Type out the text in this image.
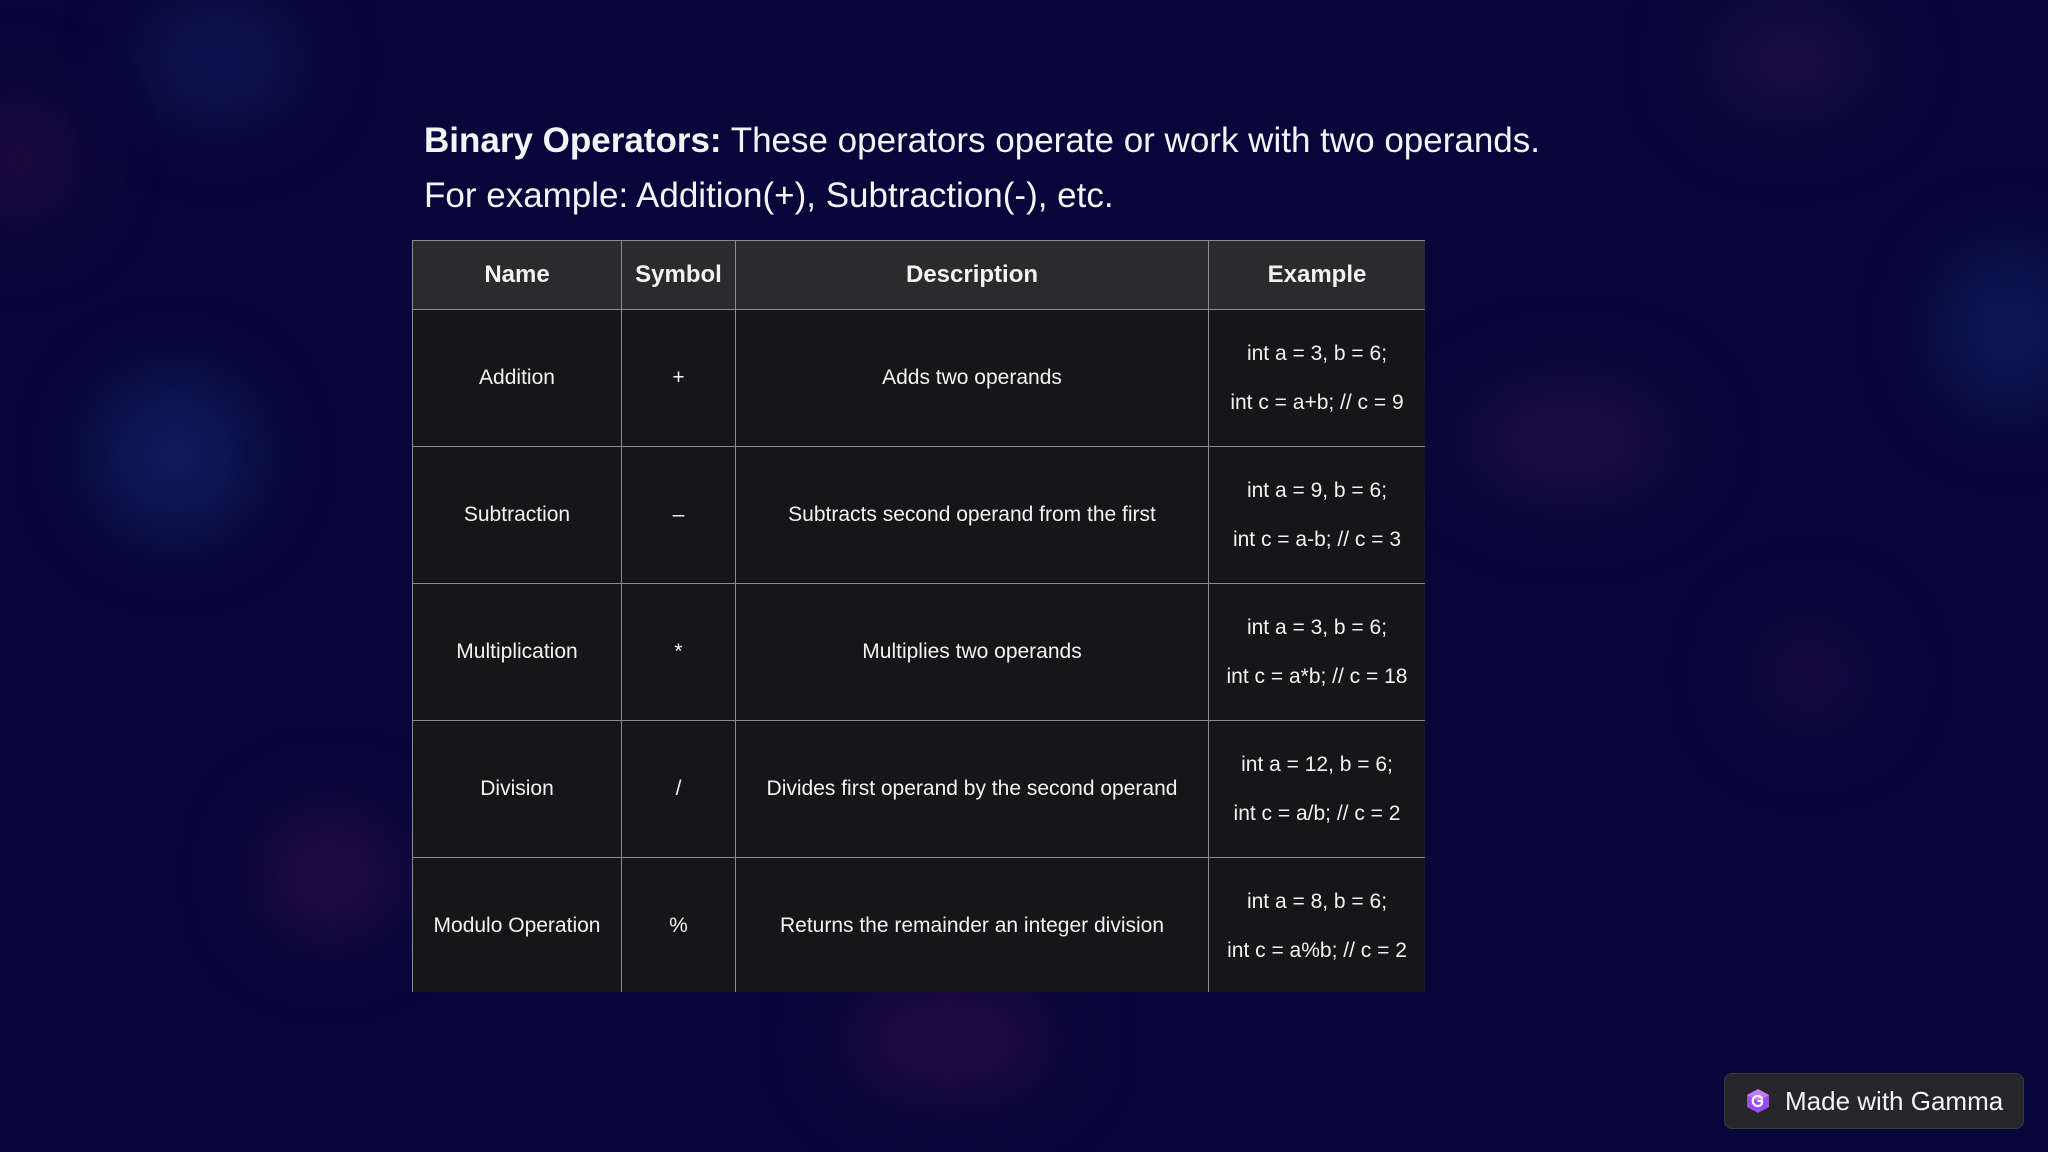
Binary Operators: These operators operate or work with two operands.
For example: Addition(+), Subtraction(-), etc.
Name	Symbol	Description	Example
Addition	+	Adds two operands	int a = 3, b = 6;
int c = a+b; // c = 9

Subtraction	–	Subtracts second operand from the first	int a = 9, b = 6;
int c = a-b; // c = 3

Multiplication	*	Multiplies two operands	int a = 3, b = 6;
int c = a*b; // c = 18

Division	/	Divides first operand by the second operand	int a = 12, b = 6;
int c = a/b; // c = 2

Modulo Operation	%	Returns the remainder an integer division	int a = 8, b = 6;
int c = a%b; // c = 2
Made with Gamma
